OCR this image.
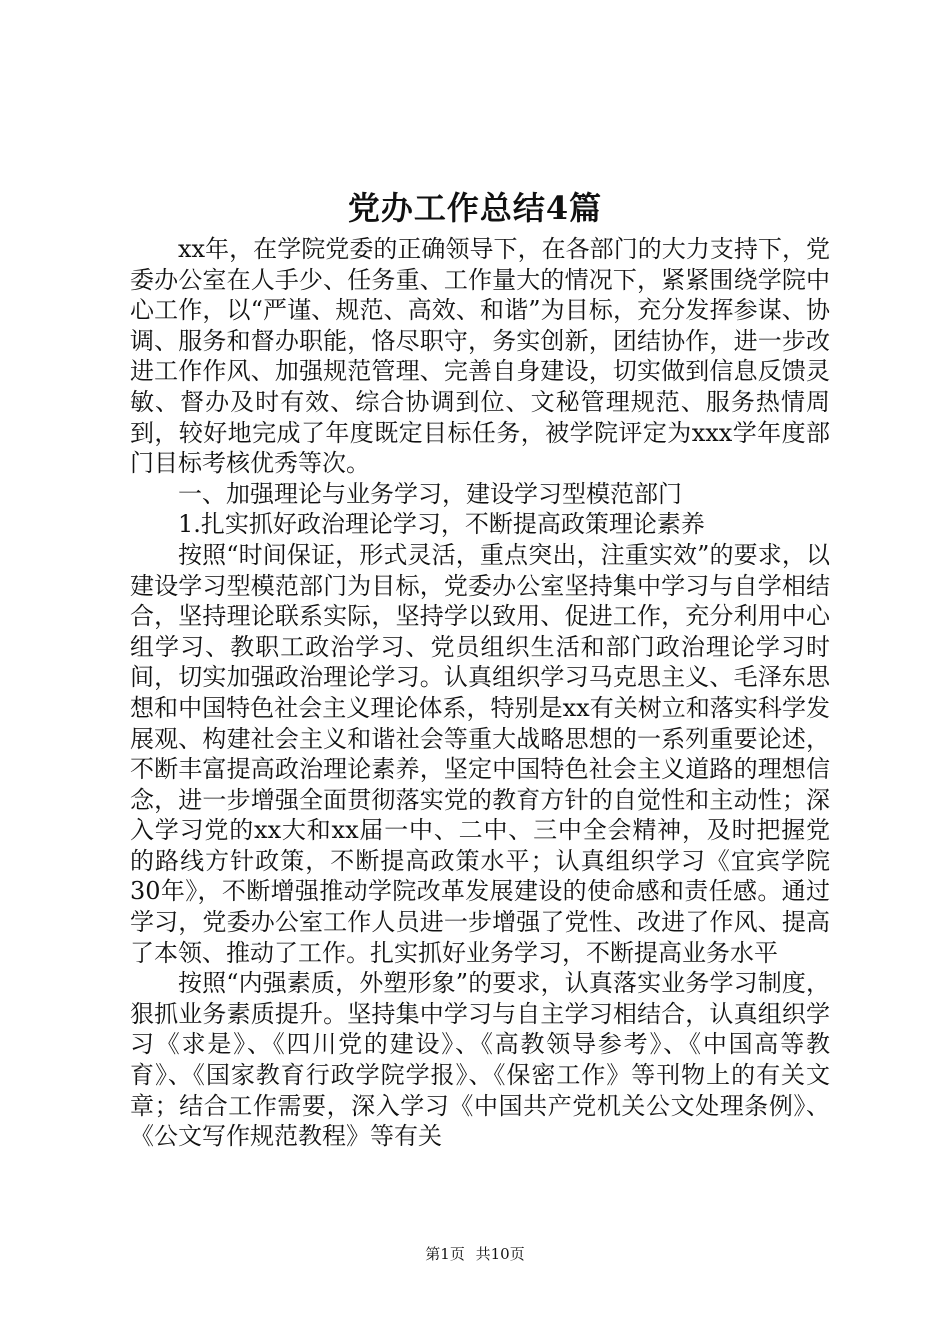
党办工作总结4篇

xx年，在学院党委的正确领导下，在各部门的大力支持下，党委办公室在人手少、任务重、工作量大的情况下，紧紧围绕学院中心工作，以“严谨、规范、高效、和谐”为目标，充分发挥参谋、协调、服务和督办职能，恪尽职守，务实创新，团结协作，进一步改进工作作风、加强规范管理、完善自身建设，切实做到信息反馈灵敏、督办及时有效、综合协调到位、文秘管理规范、服务热情周到，较好地完成了年度既定目标任务，被学院评定为xxx学年度部门目标考核优秀等次。

一、加强理论与业务学习，建设学习型模范部门

1.扎实抓好政治理论学习，不断提高政策理论素养

按照“时间保证，形式灵活，重点突出，注重实效”的要求，以建设学习型模范部门为目标，党委办公室坚持集中学习与自学相结合，坚持理论联系实际，坚持学以致用、促进工作，充分利用中心组学习、教职工政治学习、党员组织生活和部门政治理论学习时间，切实加强政治理论学习。认真组织学习马克思主义、毛泽东思想和中国特色社会主义理论体系，特别是xx有关树立和落实科学发展观、构建社会主义和谐社会等重大战略思想的一系列重要论述，不断丰富提高政治理论素养，坚定中国特色社会主义道路的理想信念，进一步增强全面贯彻落实党的教育方针的自觉性和主动性；深入学习党的xx大和xx届一中、二中、三中全会精神，及时把握党的路线方针政策，不断提高政策水平；认真组织学习《宜宾学院30年》，不断增强推动学院改革发展建设的使命感和责任感。通过学习，党委办公室工作人员进一步增强了党性、改进了作风、提高了本领、推动了工作。扎实抓好业务学习，不断提高业务水平

按照“内强素质，外塑形象”的要求，认真落实业务学习制度，狠抓业务素质提升。坚持集中学习与自主学习相结合，认真组织学习《求是》、《四川党的建设》、《高教领导参考》、《中国高等教育》、《国家教育行政学院学报》、《保密工作》等刊物上的有关文章；结合工作需要，深入学习《中国共产党机关公文处理条例》、《公文写作规范教程》等有关

第1页 共10页
